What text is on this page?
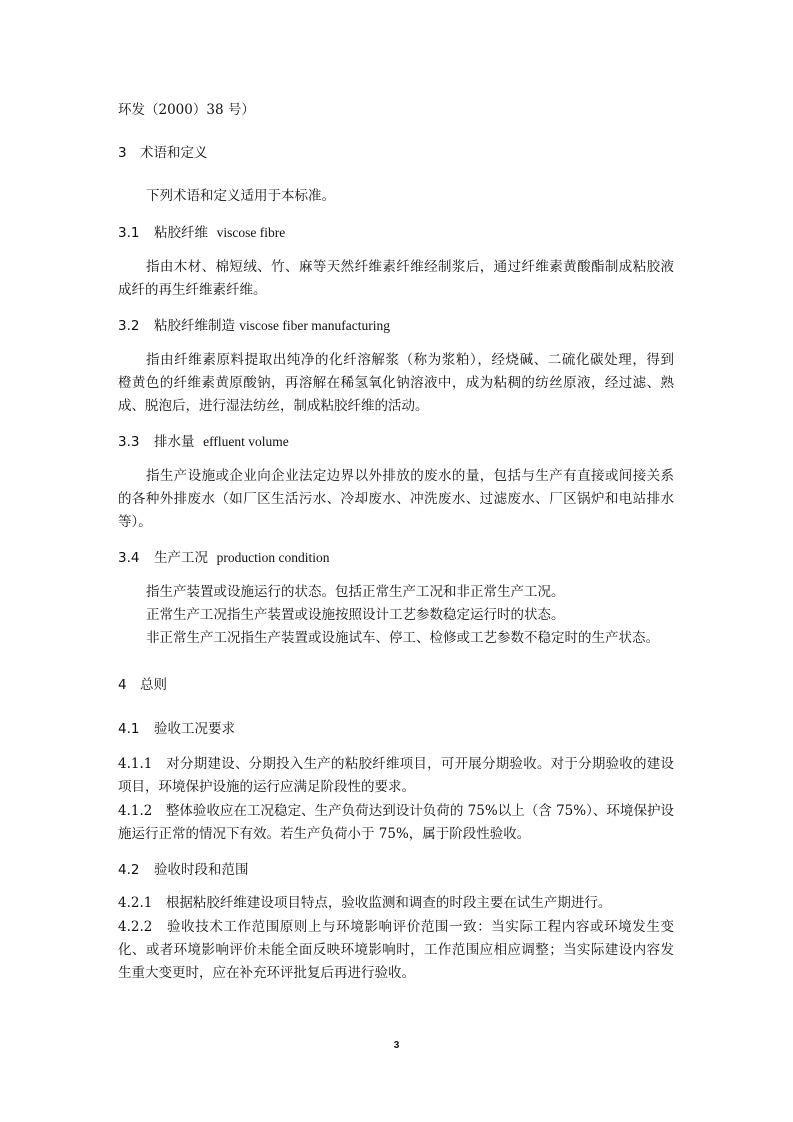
环发（2000）38 号）
3 术语和定义
下列术语和定义适用于本标准。
3.1 粘胶纤维 viscose fibre
指由木材、棉短绒、竹、麻等天然纤维素纤维经制浆后，通过纤维素黄酸酯制成粘胶液
成纤的再生纤维素纤维。
3.2 粘胶纤维制造 viscose fiber manufacturing
指由纤维素原料提取出纯净的化纤溶解浆（称为浆粕），经烧碱、二硫化碳处理，得到
橙黄色的纤维素黄原酸钠，再溶解在稀氢氧化钠溶液中，成为粘稠的纺丝原液，经过滤、熟
成、脱泡后，进行湿法纺丝，制成粘胶纤维的活动。
3.3 排水量 effluent volume
指生产设施或企业向企业法定边界以外排放的废水的量，包括与生产有直接或间接关系
的各种外排废水（如厂区生活污水、冷却废水、冲洗废水、过滤废水、厂区锅炉和电站排水
等）。
3.4 生产工况 production condition
指生产装置或设施运行的状态。包括正常生产工况和非正常生产工况。
正常生产工况指生产装置或设施按照设计工艺参数稳定运行时的状态。
非正常生产工况指生产装置或设施试车、停工、检修或工艺参数不稳定时的生产状态。
4 总则
4.1 验收工况要求
4.1.1　对分期建设、分期投入生产的粘胶纤维项目，可开展分期验收。对于分期验收的建设
项目，环境保护设施的运行应满足阶段性的要求。
4.1.2　整体验收应在工况稳定、生产负荷达到设计负荷的 75%以上（含 75%）、环境保护设
施运行正常的情况下有效。若生产负荷小于 75%，属于阶段性验收。
4.2 验收时段和范围
4.2.1　根据粘胶纤维建设项目特点，验收监测和调查的时段主要在试生产期进行。
4.2.2　验收技术工作范围原则上与环境影响评价范围一致：当实际工程内容或环境发生变
化、或者环境影响评价未能全面反映环境影响时，工作范围应相应调整；当实际建设内容发
生重大变更时，应在补充环评批复后再进行验收。
3
